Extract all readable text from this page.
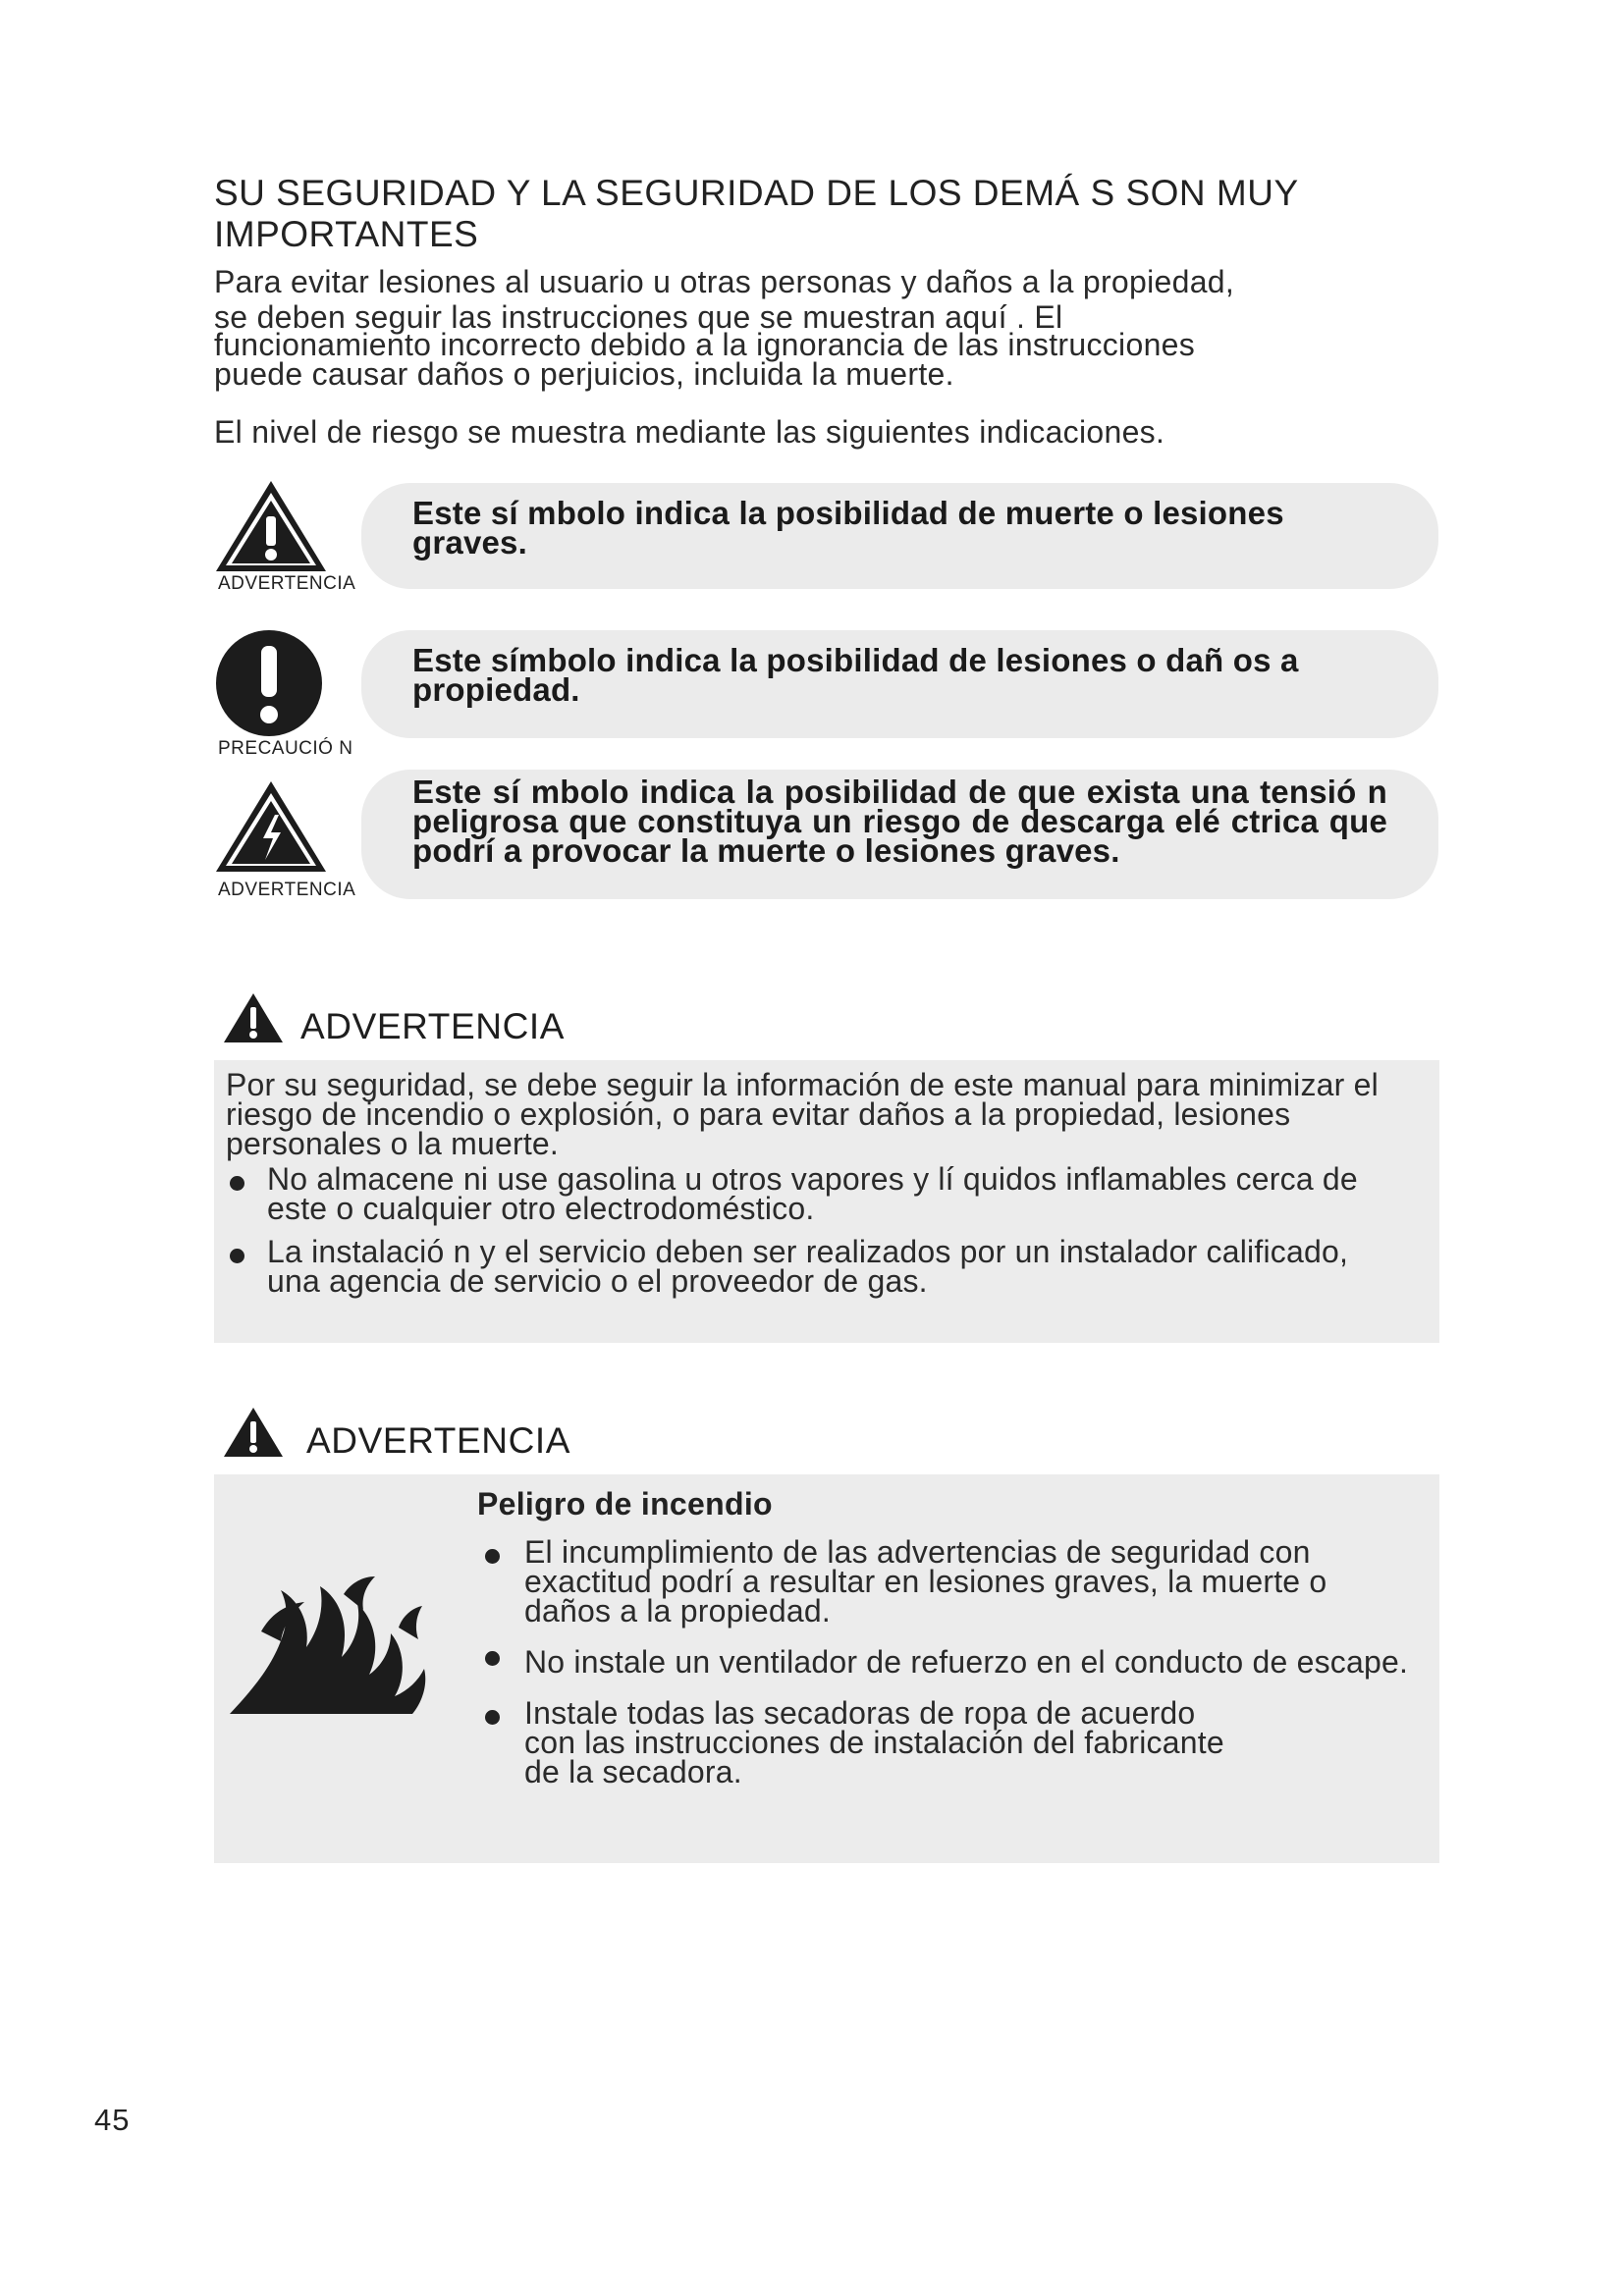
SU SEGURIDAD Y LA SEGURIDAD DE LOS DEMÁ S SON MUY IMPORTANTES
Para evitar lesiones al usuario u otras personas y daños a la propiedad,
se deben seguir las instrucciones que se muestran aquí . El
funcionamiento incorrecto debido a la ignorancia de las instrucciones
puede causar daños o perjuicios, incluida la muerte.
El nivel de riesgo se muestra mediante las siguientes indicaciones.
ADVERTENCIA
Este sí mbolo indica la posibilidad de muerte o lesiones graves.
PRECAUCIÓ N
Este símbolo indica la posibilidad de lesiones o dañ os a propiedad.
ADVERTENCIA
Este sí mbolo indica la posibilidad de que exista una tensió n peligrosa que constituya un riesgo de descarga elé ctrica que podrí a provocar la muerte o lesiones graves.
ADVERTENCIA
Por su seguridad, se debe seguir la información de este manual para minimizar el riesgo de incendio o explosión, o para evitar daños a la propiedad, lesiones personales o la muerte.
No almacene ni use gasolina u otros vapores y lí quidos inflamables cerca de este o cualquier otro electrodoméstico.
La instalació n y el servicio deben ser realizados por un instalador calificado, una agencia de servicio o el proveedor de gas.
ADVERTENCIA
Peligro de incendio
El incumplimiento de las advertencias de seguridad con exactitud podrí a resultar en lesiones graves, la muerte o daños a la propiedad.
No instale un ventilador de refuerzo en el conducto de escape.
Instale todas las secadoras de ropa de acuerdo con las instrucciones de instalación del fabricante de la secadora.
45
